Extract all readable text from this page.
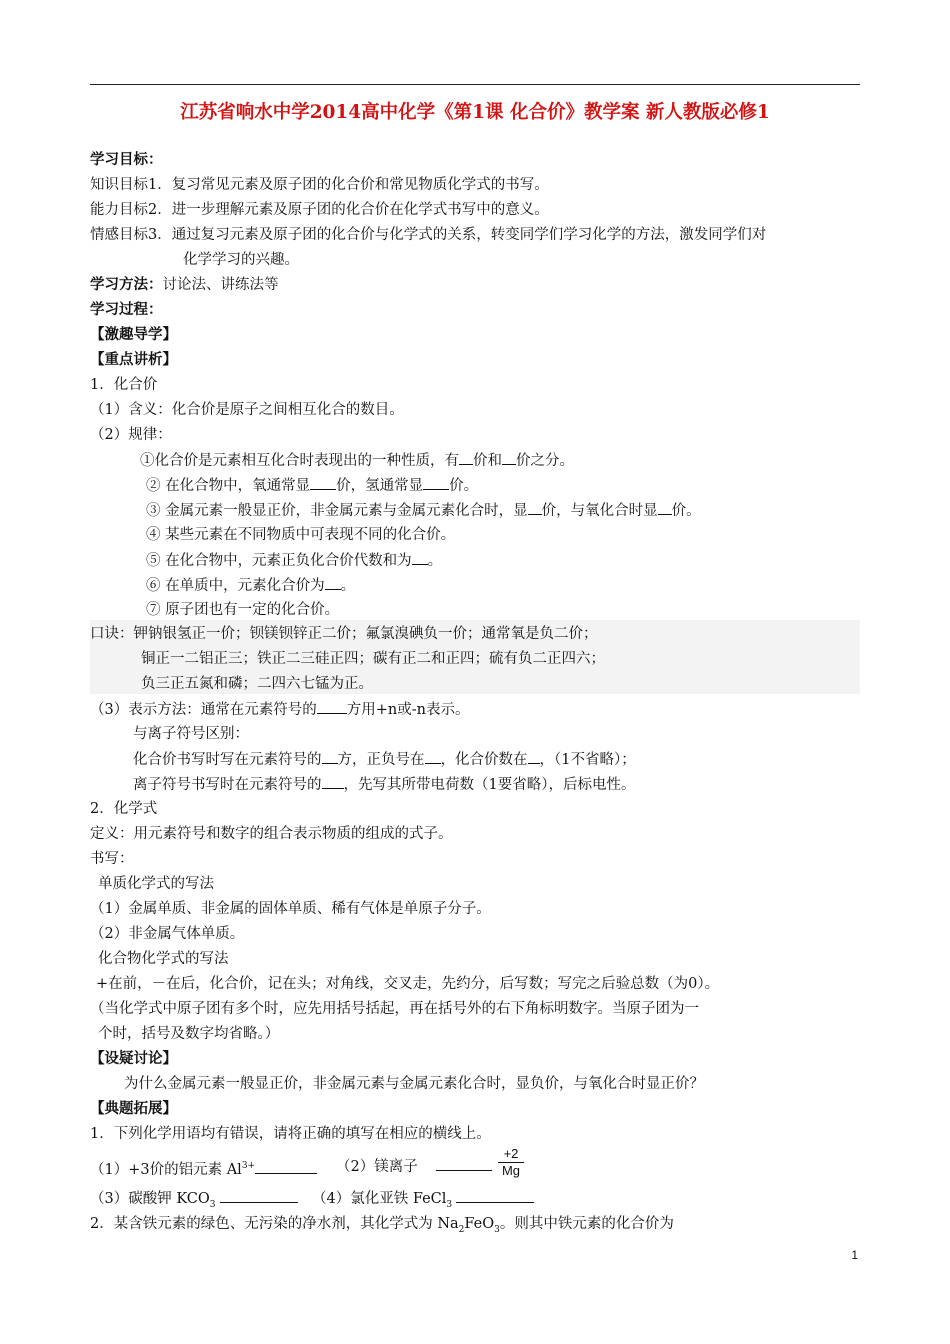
江苏省响水中学2014高中化学《第1课 化合价》教学案 新人教版必修1
学习目标：
知识目标1．复习常见元素及原子团的化合价和常见物质化学式的书写。
能力目标2．进一步理解元素及原子团的化合价在化学式书写中的意义。
情感目标3．通过复习元素及原子团的化合价与化学式的关系，转变同学们学习化学的方法，激发同学们对
化学学习的兴趣。
学习方法：讨论法、讲练法等
学习过程：
【激趣导学】
【重点讲析】
1．化合价
（1）含义：化合价是原子之间相互化合的数目。
（2）规律：
①化合价是元素相互化合时表现出的一种性质，有 价和 价之分。
② 在化合物中，氧通常显 价，氢通常显 价。
③ 金属元素一般显正价，非金属元素与金属元素化合时，显 价，与氧化合时显 价。
④ 某些元素在不同物质中可表现不同的化合价。
⑤ 在化合物中，元素正负化合价代数和为 。
⑥ 在单质中，元素化合价为 。
⑦ 原子团也有一定的化合价。
口诀：钾钠银氢正一价；钡镁钡锌正二价；氟氯溴碘负一价；通常氧是负二价；
铜正一二铝正三；铁正二三硅正四；碳有正二和正四；硫有负二正四六；
负三正五氮和磷；二四六七锰为正。
（3）表示方法：通常在元素符号的 方用+n或-n表示。
与离子符号区别：
化合价书写时写在元素符号的 方，正负号在 ，化合价数在 ，（1不省略）；
离子符号书写时在元素符号的 ，先写其所带电荷数（1要省略），后标电性。
2．化学式
定义：用元素符号和数字的组合表示物质的组成的式子。
书写：
单质化学式的写法
（1）金属单质、非金属的固体单质、稀有气体是单原子分子。
（2）非金属气体单质。
化合物化学式的写法
+在前，－在后，化合价，记在头；对角线，交叉走，先约分，后写数；写完之后验总数（为0）。
（当化学式中原子团有多个时，应先用括号括起，再在括号外的右下角标明数字。当原子团为一
个时，括号及数字均省略。）
【设疑讨论】
为什么金属元素一般显正价，非金属元素与金属元素化合时，显负价，与氧化合时显正价？
【典题拓展】
1．下列化学用语均有错误，请将正确的填写在相应的横线上。
（1）+3价的铝元素 $Al^{3+}$	（2）镁离子	$\frac{+2}{Mg}$
（3）碳酸钾 $KCO_3$	（4）氯化亚铁 FeCl$_3$
2．某含铁元素的绿色、无污染的净水剂，其化学式为 $Na_2FeO_3$。则其中铁元素的化合价为
1
